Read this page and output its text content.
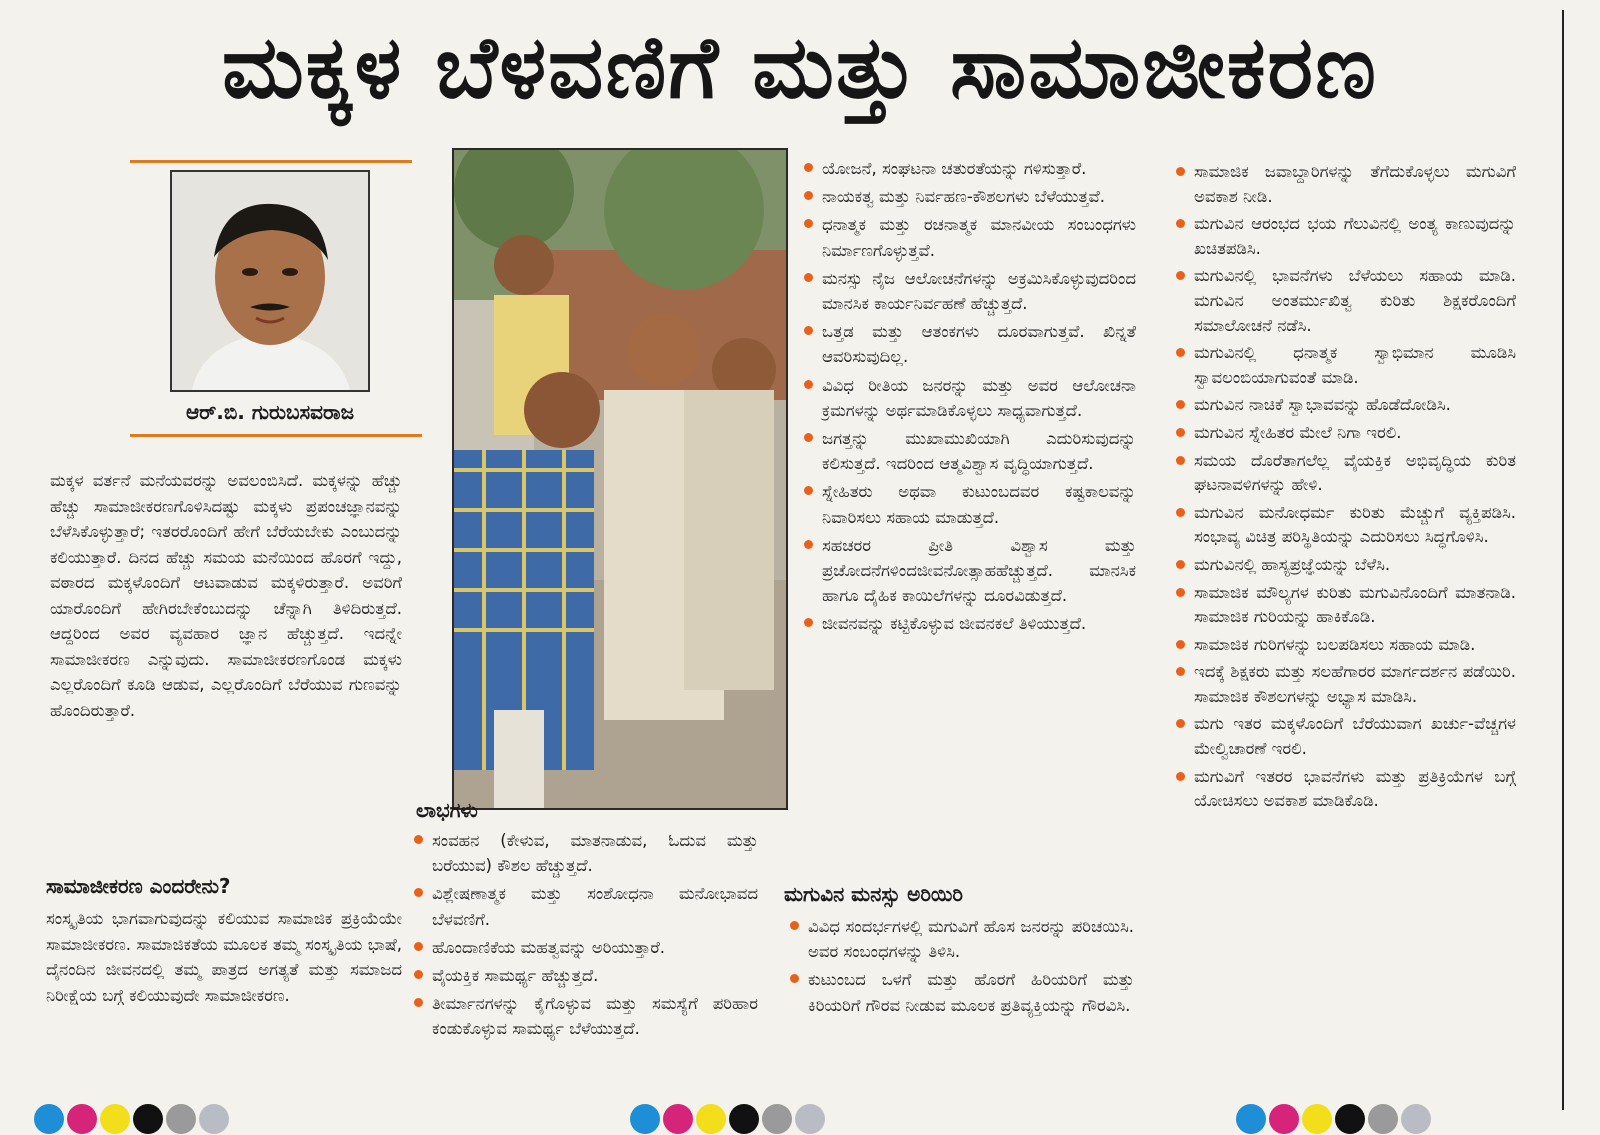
ಮಕ್ಕಳ ಬೆಳವಣಿಗೆ ಮತ್ತು ಸಾಮಾಜೀಕರಣ
ಆರ್.ಬಿ. ಗುರುಬಸವರಾಜ
ಮಕ್ಕಳ ವರ್ತನೆ ಮನೆಯವರನ್ನು ಅವಲಂಬಿಸಿದೆ. ಮಕ್ಕಳನ್ನು ಹೆಚ್ಚು ಹೆಚ್ಚು ಸಾಮಾಜೀಕರಣಗೊಳಿಸಿದಷ್ಟು ಮಕ್ಕಳು ಪ್ರಪಂಚಜ್ಞಾನವನ್ನು ಬೆಳೆಸಿಕೊಳ್ಳುತ್ತಾರೆ; ಇತರರೊಂದಿಗೆ ಹೇಗೆ ಬೆರೆಯಬೇಕು ಎಂಬುದನ್ನು ಕಲಿಯುತ್ತಾರೆ. ದಿನದ ಹೆಚ್ಚು ಸಮಯ ಮನೆಯಿಂದ ಹೊರಗೆ ಇದ್ದು, ವಠಾರದ ಮಕ್ಕಳೊಂದಿಗೆ ಆಟವಾಡುವ ಮಕ್ಕಳಿರುತ್ತಾರೆ. ಅವರಿಗೆ ಯಾರೊಂದಿಗೆ ಹೇಗಿರಬೇಕೆಂಬುದನ್ನು ಚೆನ್ನಾಗಿ ತಿಳಿದಿರುತ್ತದೆ. ಆದ್ದರಿಂದ ಅವರ ವ್ಯವಹಾರ ಜ್ಞಾನ ಹೆಚ್ಚುತ್ತದೆ. ಇದನ್ನೇ ಸಾಮಾಜೀಕರಣ ಎನ್ನುವುದು. ಸಾಮಾಜೀಕರಣಗೊಂಡ ಮಕ್ಕಳು ಎಲ್ಲರೊಂದಿಗೆ ಕೂಡಿ ಆಡುವ, ಎಲ್ಲರೊಂದಿಗೆ ಬೆರೆಯುವ ಗುಣವನ್ನು ಹೊಂದಿರುತ್ತಾರೆ.
ಸಾಮಾಜೀಕರಣ ಎಂದರೇನು?
ಸಂಸ್ಕೃತಿಯ ಭಾಗವಾಗುವುದನ್ನು ಕಲಿಯುವ ಸಾಮಾಜಿಕ ಪ್ರಕ್ರಿಯೆಯೇ ಸಾಮಾಜೀಕರಣ. ಸಾಮಾಜಿಕತೆಯ ಮೂಲಕ ತಮ್ಮ ಸಂಸ್ಕೃತಿಯ ಭಾಷೆ, ದೈನಂದಿನ ಜೀವನದಲ್ಲಿ ತಮ್ಮ ಪಾತ್ರದ ಅಗತ್ಯತೆ ಮತ್ತು ಸಮಾಜದ ನಿರೀಕ್ಷೆಯ ಬಗ್ಗೆ ಕಲಿಯುವುದೇ ಸಾಮಾಜೀಕರಣ.
ಲಾಭಗಳು
ಸಂವಹನ (ಕೇಳುವ, ಮಾತನಾಡುವ, ಓದುವ ಮತ್ತು ಬರೆಯುವ) ಕೌಶಲ ಹೆಚ್ಚುತ್ತದೆ.
ವಿಶ್ಲೇಷಣಾತ್ಮಕ ಮತ್ತು ಸಂಶೋಧನಾ ಮನೋಭಾವದ ಬೆಳವಣಿಗೆ.
ಹೊಂದಾಣಿಕೆಯ ಮಹತ್ವವನ್ನು ಅರಿಯುತ್ತಾರೆ.
ವೈಯಕ್ತಿಕ ಸಾಮರ್ಥ್ಯ ಹೆಚ್ಚುತ್ತದೆ.
ತೀರ್ಮಾನಗಳನ್ನು ಕೈಗೊಳ್ಳುವ ಮತ್ತು ಸಮಸ್ಯೆಗೆ ಪರಿಹಾರ ಕಂಡುಕೊಳ್ಳುವ ಸಾಮರ್ಥ್ಯ ಬೆಳೆಯುತ್ತದೆ.
ಯೋಜನೆ, ಸಂಘಟನಾ ಚತುರತೆಯನ್ನು ಗಳಿಸುತ್ತಾರೆ.
ನಾಯಕತ್ವ ಮತ್ತು ನಿರ್ವಹಣ-ಕೌಶಲಗಳು ಬೆಳೆಯುತ್ತವೆ.
ಧನಾತ್ಮಕ ಮತ್ತು ರಚನಾತ್ಮಕ ಮಾನವೀಯ ಸಂಬಂಧಗಳು ನಿರ್ಮಾಣಗೊಳ್ಳುತ್ತವೆ.
ಮನಸ್ಸು ನೈಜ ಆಲೋಚನೆಗಳನ್ನು ಅಕ್ರಮಿಸಿಕೊಳ್ಳುವುದರಿಂದ ಮಾನಸಿಕ ಕಾರ್ಯನಿರ್ವಹಣೆ ಹೆಚ್ಚುತ್ತದೆ.
ಒತ್ತಡ ಮತ್ತು ಆತಂಕಗಳು ದೂರವಾಗುತ್ತವೆ. ಖಿನ್ನತೆ ಆವರಿಸುವುದಿಲ್ಲ.
ವಿವಿಧ ರೀತಿಯ ಜನರನ್ನು ಮತ್ತು ಅವರ ಆಲೋಚನಾ ಕ್ರಮಗಳನ್ನು ಅರ್ಥಮಾಡಿಕೊಳ್ಳಲು ಸಾಧ್ಯವಾಗುತ್ತದೆ.
ಜಗತ್ತನ್ನು ಮುಖಾಮುಖಿಯಾಗಿ ಎದುರಿಸುವುದನ್ನು ಕಲಿಸುತ್ತದೆ. ಇದರಿಂದ ಆತ್ಮವಿಶ್ವಾಸ ವೃದ್ಧಿಯಾಗುತ್ತದೆ.
ಸ್ನೇಹಿತರು ಅಥವಾ ಕುಟುಂಬದವರ ಕಷ್ಟಕಾಲವನ್ನು ನಿವಾರಿಸಲು ಸಹಾಯ ಮಾಡುತ್ತದೆ.
ಸಹಚರರ ಪ್ರೀತಿ ವಿಶ್ವಾಸ ಮತ್ತು ಪ್ರಚೋದನೆಗಳಿಂದಜೀವನೋತ್ಸಾಹಹೆಚ್ಚುತ್ತದೆ. ಮಾನಸಿಕ ಹಾಗೂ ದೈಹಿಕ ಕಾಯಿಲೆಗಳನ್ನು ದೂರವಿಡುತ್ತದೆ.
ಜೀವನವನ್ನು ಕಟ್ಟಿಕೊಳ್ಳುವ ಜೀವನಕಲೆ ತಿಳಿಯುತ್ತದೆ.
ಮಗುವಿನ ಮನಸ್ಸು ಅರಿಯಿರಿ
ವಿವಿಧ ಸಂದರ್ಭಗಳಲ್ಲಿ ಮಗುವಿಗೆ ಹೊಸ ಜನರನ್ನು ಪರಿಚಯಿಸಿ. ಅವರ ಸಂಬಂಧಗಳನ್ನು ತಿಳಿಸಿ.
ಕುಟುಂಬದ ಒಳಗೆ ಮತ್ತು ಹೊರಗೆ ಹಿರಿಯರಿಗೆ ಮತ್ತು ಕಿರಿಯರಿಗೆ ಗೌರವ ನೀಡುವ ಮೂಲಕ ಪ್ರತಿವ್ಯಕ್ತಿಯನ್ನು ಗೌರವಿಸಿ.
ಸಾಮಾಜಿಕ ಜವಾಬ್ದಾರಿಗಳನ್ನು ತೆಗೆದುಕೊಳ್ಳಲು ಮಗುವಿಗೆ ಅವಕಾಶ ನೀಡಿ.
ಮಗುವಿನ ಆರಂಭದ ಭಯ ಗೆಲುವಿನಲ್ಲಿ ಅಂತ್ಯ ಕಾಣುವುದನ್ನು ಖಚಿತಪಡಿಸಿ.
ಮಗುವಿನಲ್ಲಿ ಭಾವನೆಗಳು ಬೆಳೆಯಲು ಸಹಾಯ ಮಾಡಿ. ಮಗುವಿನ ಅಂತರ್ಮುಖಿತ್ವ ಕುರಿತು ಶಿಕ್ಷಕರೊಂದಿಗೆ ಸಮಾಲೋಚನೆ ನಡೆಸಿ.
ಮಗುವಿನಲ್ಲಿ ಧನಾತ್ಮಕ ಸ್ವಾಭಿಮಾನ ಮೂಡಿಸಿ ಸ್ವಾವಲಂಬಿಯಾಗುವಂತೆ ಮಾಡಿ.
ಮಗುವಿನ ನಾಚಿಕೆ ಸ್ವಾಭಾವವನ್ನು ಹೊಡೆದೋಡಿಸಿ.
ಮಗುವಿನ ಸ್ನೇಹಿತರ ಮೇಲೆ ನಿಗಾ ಇರಲಿ.
ಸಮಯ ದೊರೆತಾಗಲೆಲ್ಲ ವೈಯಕ್ತಿಕ ಅಭಿವೃದ್ಧಿಯ ಕುರಿತ ಘಟನಾವಳಿಗಳನ್ನು ಹೇಳಿ.
ಮಗುವಿನ ಮನೋಧರ್ಮ ಕುರಿತು ಮೆಚ್ಚುಗೆ ವ್ಯಕ್ತಿಪಡಿಸಿ. ಸಂಭಾವ್ಯ ವಿಚಿತ್ರ ಪರಿಸ್ಥಿತಿಯನ್ನು ಎದುರಿಸಲು ಸಿದ್ಧಗೊಳಿಸಿ.
ಮಗುವಿನಲ್ಲಿ ಹಾಸ್ಯಪ್ರಜ್ಞೆಯನ್ನು ಬೆಳೆಸಿ.
ಸಾಮಾಜಿಕ ಮೌಲ್ಯಗಳ ಕುರಿತು ಮಗುವಿನೊಂದಿಗೆ ಮಾತನಾಡಿ. ಸಾಮಾಜಿಕ ಗುರಿಯನ್ನು ಹಾಕಿಕೊಡಿ.
ಸಾಮಾಜಿಕ ಗುರಿಗಳನ್ನು ಬಲಪಡಿಸಲು ಸಹಾಯ ಮಾಡಿ.
ಇದಕ್ಕೆ ಶಿಕ್ಷಕರು ಮತ್ತು ಸಲಹೆಗಾರರ ಮಾರ್ಗದರ್ಶನ ಪಡೆಯಿರಿ. ಸಾಮಾಜಿಕ ಕೌಶಲಗಳನ್ನು ಅಭ್ಯಾಸ ಮಾಡಿಸಿ.
ಮಗು ಇತರ ಮಕ್ಕಳೊಂದಿಗೆ ಬೆರೆಯುವಾಗ ಖರ್ಚು-ವೆಚ್ಚಗಳ ಮೇಲ್ವಿಚಾರಣೆ ಇರಲಿ.
ಮಗುವಿಗೆ ಇತರರ ಭಾವನೆಗಳು ಮತ್ತು ಪ್ರತಿಕ್ರಿಯೆಗಳ ಬಗ್ಗೆ ಯೋಚಿಸಲು ಅವಕಾಶ ಮಾಡಿಕೊಡಿ.
